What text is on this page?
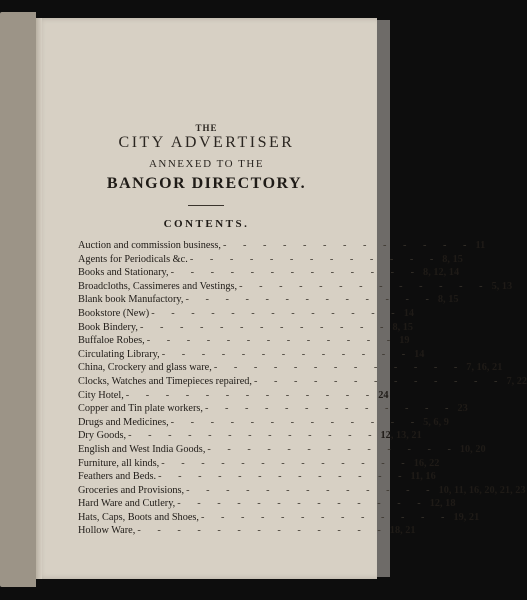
THE
CITY ADVERTISER
ANNEXED TO THE
BANGOR DIRECTORY.
CONTENTS.
Auction and commission business, - - - - - - - - - - - - - 11
Agents for Periodicals &c. - - - - - - - - - - - - - 8, 15
Books and Stationary, - - - - - - - - - - - - - 8, 12, 14
Broadcloths, Cassimeres and Vestings, - - - - - - - - - - - - - 5, 13
Blank book Manufactory, - - - - - - - - - - - - - 8, 15
Bookstore (New) - - - - - - - - - - - - - 14
Book Bindery, - - - - - - - - - - - - - 8, 15
Buffaloe Robes, - - - - - - - - - - - - - 19
Circulating Library, - - - - - - - - - - - - - 14
China, Crockery and glass ware, - - - - - - - - - - - - - 7, 16, 21
Clocks, Watches and Timepieces repaired, - - - - - - - - - - - - - 7, 22
City Hotel, - - - - - - - - - - - - - 24
Copper and Tin plate workers, - - - - - - - - - - - - - 23
Drugs and Medicines, - - - - - - - - - - - - - 5, 6, 9
Dry Goods, - - - - - - - - - - - - - 12, 13, 21
English and West India Goods, - - - - - - - - - - - - - 10, 20
Furniture, all kinds, - - - - - - - - - - - - - 16, 22
Feathers and Beds. - - - - - - - - - - - - - 11, 16
Groceries and Provisions, - - - - - - - - - - - - - 10, 11, 16, 20, 21, 23
Hard Ware and Cutlery, - - - - - - - - - - - - - 12, 18
Hats, Caps, Boots and Shoes, - - - - - - - - - - - - - 19, 21
Hollow Ware, - - - - - - - - - - - - - 18, 21
